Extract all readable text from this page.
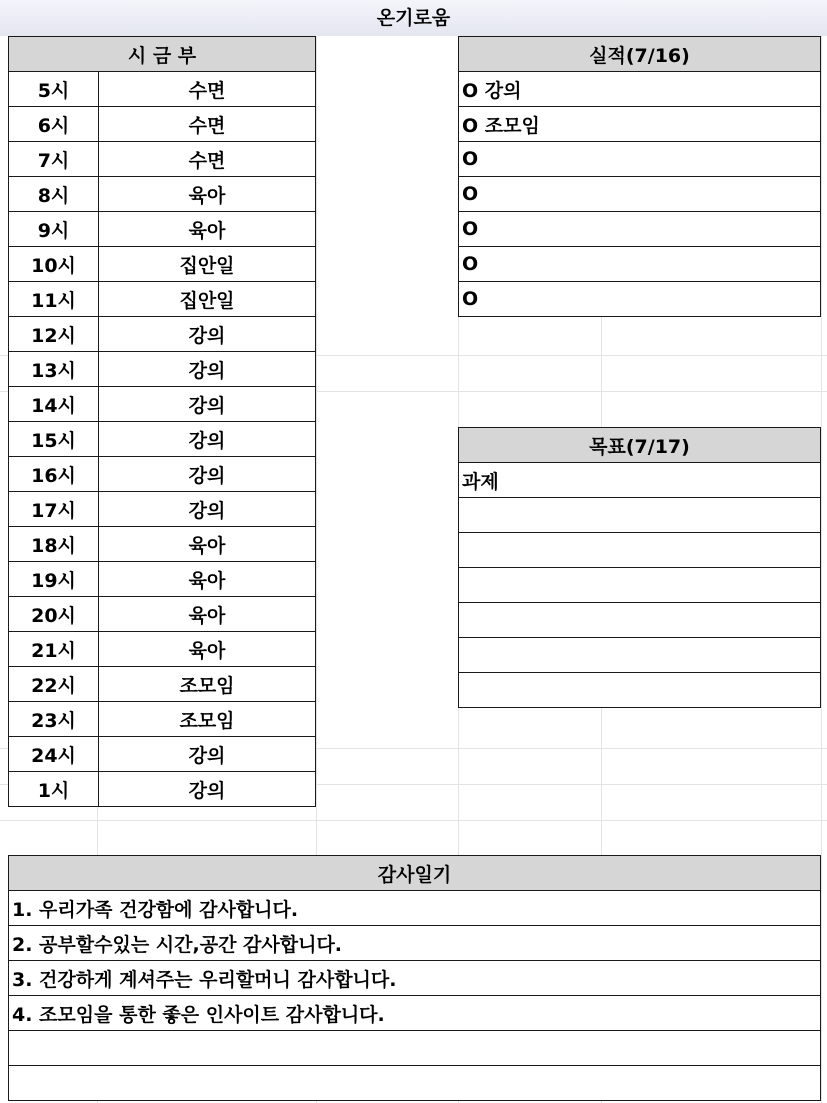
온기로움
시 금 부	
5시	수면
6시	수면
7시	수면
8시	육아
9시	육아
10시	집안일
11시	집안일
12시	강의
13시	강의
14시	강의
15시	강의
16시	강의
17시	강의
18시	육아
19시	육아
20시	육아
21시	육아
22시	조모임
23시	조모임
24시	강의
1시	강의
실적(7/16)
O 강의
O 조모임
O
O
O
O
O
목표(7/17)
과제

감사일기
1. 우리가족 건강함에 감사합니다.
2. 공부할수있는 시간,공간 감사합니다.
3. 건강하게 계셔주는 우리할머니 감사합니다.
4. 조모임을 통한 좋은 인사이트 감사합니다.
